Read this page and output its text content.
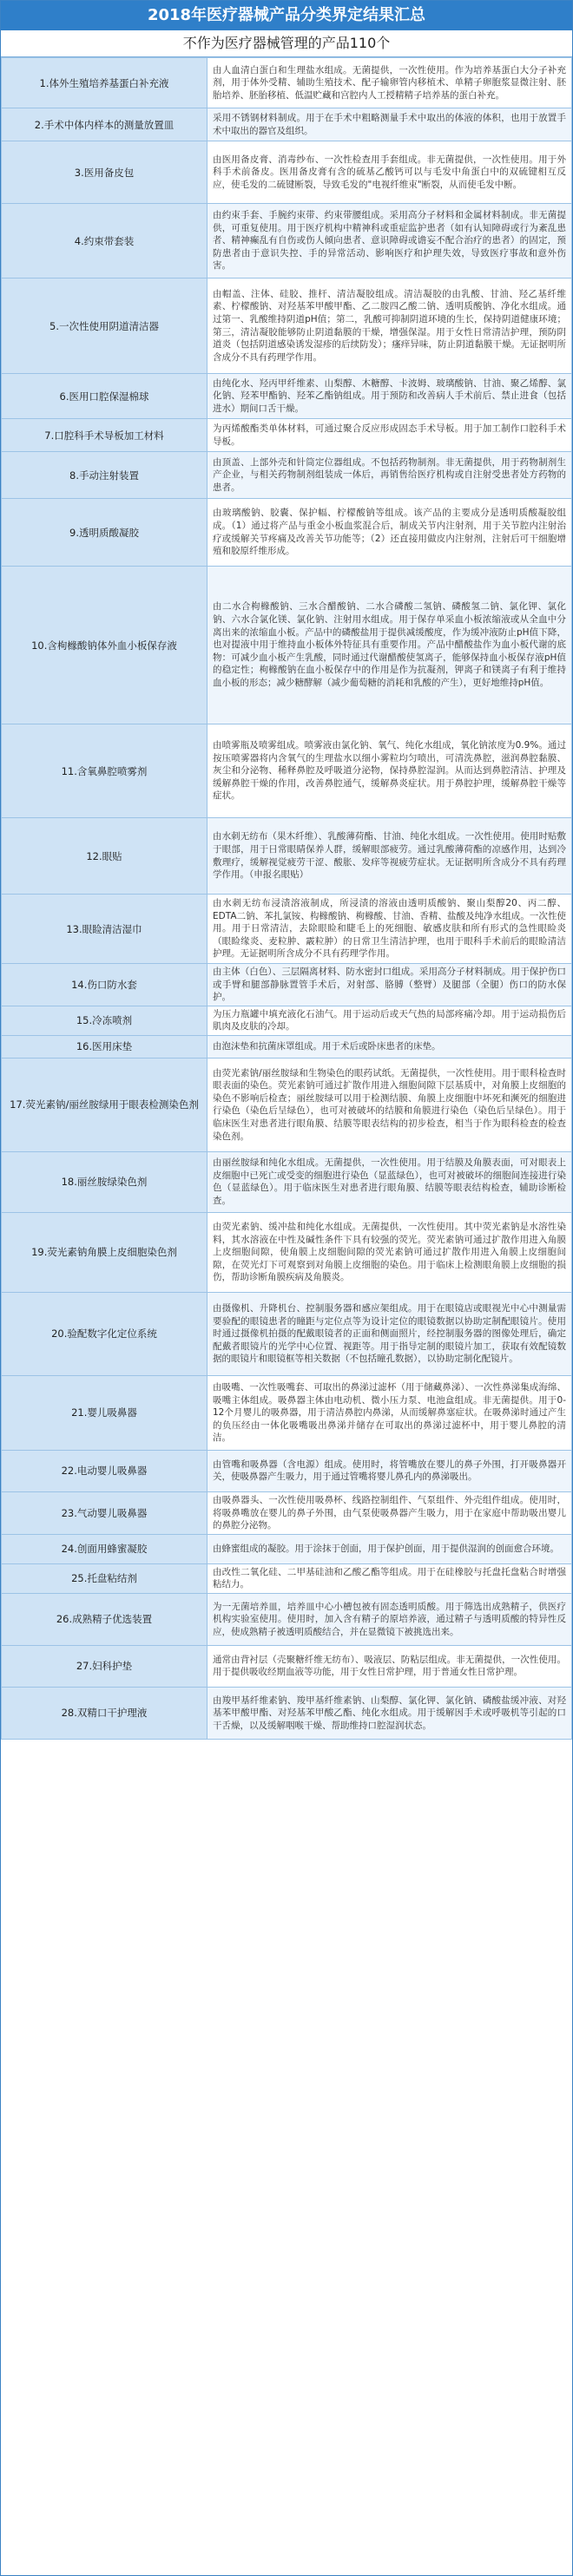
2018年医疗器械产品分类界定结果汇总
不作为医疗器械管理的产品110个
1.体外生殖培养基蛋白补充液	由人血清白蛋白和生理盐水组成。无菌提供，一次性使用。作为培养基蛋白大分子补充剂，用于体外受精、辅助生殖技术、配子输卵管内移植术、单精子卵胞浆显微注射、胚胎培养、胚胎移植、低温贮藏和宫腔内人工授精精子培养基的蛋白补充。
2.手术中体内样本的测量放置皿	采用不锈钢材料制成。用于在手术中粗略测量手术中取出的体液的体积，也用于放置手术中取出的器官及组织。
3.医用备皮包	由医用备皮膏、消毒纱布、一次性检查用手套组成。非无菌提供，一次性使用。用于外科手术前备皮。医用备皮膏有含的硫基乙酸钙可以与毛发中角蛋白中的双硫键相互反应，使毛发的二硫键断裂，导致毛发的"电视纤维束"断裂，从而使毛发中断。
4.约束带套装	由约束手套、手腕约束带、约束带腰组成。采用高分子材料和金属材料制成。非无菌提供，可重复使用。用于医疗机构中精神科或重症监护患者（如有认知障碍或行为紊乱患者、精神癫乱有自伤或伤人倾向患者、意识障碍或谵妄不配合治疗的患者）的固定，预防患者由于意识失控、手的异常活动、影响医疗和护理失效，导致医疗事故和意外伤害。
5.一次性使用阴道清洁器	由帽盖、注体、硅胶、推杆、清洁凝胶组成。清洁凝胶的由乳酸、甘油、羟乙基纤维素、柠檬酸钠、对羟基苯甲酸甲酯、乙二胺四乙酸二钠、透明质酸钠、净化水组成。通过第一、乳酸维持阴道pH值；第二，乳酸可抑制阴道环境的生长，保持阴道健康环境；第三，清洁凝胶能够防止阴道黏膜的干燥，增强保湿。用于女性日常清洁护理，预防阴道炎（包括阴道感染诱发湿疹的后续防发）；瘙痒异味，防止阴道黏膜干燥。无证据明所含成分不具有药理学作用。
6.医用口腔保湿棉球	由纯化水、羟丙甲纤维素、山梨醇、木糖醇、卡波姆、玻璃酸钠、甘油、聚乙烯醇、氯化钠、羟苯甲酯钠、羟苯乙酯钠组成。用于预防和改善病人手术前后、禁止进食（包括进水）期间口舌干燥。
7.口腔科手术导板加工材料	为丙烯酸酯类单体材料，可通过聚合反应形成固态手术导板。用于加工制作口腔科手术导板。
8.手动注射装置	由顶盖、上部外壳和针筒定位器组成。不包括药物制剂。非无菌提供，用于药物制剂生产企业，与相关药物制剂组装成一体后，再销售给医疗机构或自注射受患者处方药物的患者。
9.透明质酸凝胶	由玻璃酸钠、胶囊、保护幅、柠檬酸钠等组成。该产品的主要成分是透明质酸凝胶组成。（1）通过将产品与重金小板血浆混合后，制成关节内注射剂，用于关节腔内注射治疗或缓解关节疼痛及改善关节功能等；（2）还直接用做皮内注射剂，注射后可干细胞增殖和胶原纤维形成。
10.含枸橼酸钠体外血小板保存液	由二水合枸橼酸钠、三水合醋酸钠、二水合磷酸二氢钠、磷酸氢二钠、氯化钾、氯化钠、六水合氯化镁、氯化钠、注射用水组成。用于保存单采血小板浓缩液或从全血中分离出来的浓缩血小板。产品中的磷酸盐用于提供减缓酸度，作为缓冲液防止pH值下降，也对提液中用于维持血小板体外特征具有重要作用。产品中醋酸盐作为血小板代谢的底物：可减少血小板产生乳酸，同时通过代谢醋酸使氢离子，能够保持血小板保存液pH值的稳定性；枸橼酸钠在血小板保存中的作用是作为抗凝剂，钾离子和镁离子有利于维持血小板的形态；减少糖酵解（减少葡萄糖的消耗和乳酸的产生），更好地维持pH值。
11.含氧鼻腔喷雾剂	由喷雾瓶及喷雾组成。喷雾液由氯化钠、氧气、纯化水组成，氧化钠浓度为0.9%。通过按压喷雾器将内含氧气的生理盐水以细小雾粒均匀喷出，可清洗鼻腔，滋润鼻腔黏膜、灰尘和分泌物、稀释鼻腔及呼吸道分泌物，保持鼻腔湿润。从而达到鼻腔清洁、护理及缓解鼻腔干燥的作用，改善鼻腔通气，缓解鼻炎症状。用于鼻腔护理，缓解鼻腔干燥等症状。
12.眼贴	由水刺无纺布（果木纤维）、乳酸薄荷酯、甘油、纯化水组成。一次性使用。使用时贴敷于眼部，用于日常眼睛保养人群，缓解眼部疲劳。通过乳酸薄荷酯的凉感作用，达到冷敷理疗，缓解视觉疲劳干涩、酸胀、发痒等视疲劳症状。无证据明所含成分不具有药理学作用。（申报名眼贴）
13.眼睑清洁湿巾	由水刺无纺布浸渍溶液制成，所浸渍的溶液由透明质酸钠、聚山梨醇20、丙二醇、EDTA二钠、苯扎氯铵、构橼酸钠、枸橼酸、甘油、香精、盐酸及纯净水组成。一次性使用。用于日常清洁，去除眼睑和睫毛上的死细胞、敏感皮肤和所有形式的急性眼睑炎（眼睑缘炎、麦粒肿、霰粒肿）的日常卫生清洁护理，也用于眼科手术前后的眼睑清洁护理。无证据明所含成分不具有药理学作用。
14.伤口防水套	由主体（白色）、三层隔离材料、防水密封口组成。采用高分子材料制成。用于保护伤口或手臂和腿部静脉置管手术后，对射部、胳膊（整臂）及腿部（全腿）伤口的防水保护。
15.冷冻喷剂	为压力瓶罐中填充液化石油气。用于运动后或天气热的局部疼痛冷却。用于运动损伤后肌肉及皮肤的冷却。
16.医用床垫	由泡沫垫和抗菌床罩组成。用于术后或卧床患者的床垫。
17.荧光素钠/丽丝胺绿用于眼表检测染色剂	由荧光素钠/丽丝胺绿和生物染色的眼药试纸。无菌提供，一次性使用。用于眼科检查时眼表面的染色。荧光素钠可通过扩散作用进入细胞间隙下层基质中，对角膜上皮细胞的染色不影响后检查；丽丝胺绿可以用于检测结膜、角膜上皮细胞中坏死和濒死的细胞进行染色（染色后呈绿色），也可对被破坏的结膜和角膜进行染色（染色后呈绿色）。用于临床医生对患者进行眼角膜、结膜等眼表结构的初步检查，相当于作为眼科检查的检查染色剂。
18.丽丝胺绿染色剂	由丽丝胺绿和纯化水组成。无菌提供，一次性使用。用于结膜及角膜表面，可对眼表上皮细胞中已死亡或受变的细胞进行染色（显蓝绿色），也可对被破坏的细胞间连接进行染色（显蓝绿色）。用于临床医生对患者进行眼角膜、结膜等眼表结构检查，辅助诊断检查。
19.荧光素钠角膜上皮细胞染色剂	由荧光素钠、缓冲盐和纯化水组成。无菌提供，一次性使用。其中荧光素钠是水溶性染料，其水溶液在中性及碱性条件下具有较强的荧光。荧光素钠可通过扩散作用进入角膜上皮细胞间隙，使角膜上皮细胞间隙的荧光素钠可通过扩散作用进入角膜上皮细胞间隙，在荧光灯下可观察到对角膜上皮细胞的染色。用于临床上检测眼角膜上皮细胞的损伤，帮助诊断角膜疾病及角膜炎。
20.验配数字化定位系统	由摄像机、升降机台、控制服务器和感应架组成。用于在眼镜店或眼视光中心中测量需要验配的眼镜患者的瞳距与定位点等为设计定位的眼镜数据以协助定制配眼镜片。使用时通过摄像机拍摄的配戴眼镜者的正面和侧面照片，经控制服务器的图像处理后，确定配戴者眼镜片的光学中心位置、视距等。用于指导定制的眼镜片加工，获取有效配镜数据的眼镜片和眼镜框等相关数据（不包括瞳孔数据），以协助定制化配镜片。
21.婴儿吸鼻器	由吸嘴、一次性吸嘴套、可取出的鼻涕过滤杯（用于储藏鼻涕）、一次性鼻涕集成海绵、吸嘴主体组成。吸鼻器主体由电动机、微小压力泵、电池盒组成。非无菌提供。用于0-12个月婴儿的吸鼻器，用于清洁鼻腔内鼻涕，从而缓解鼻塞症状。在吸鼻涕时通过产生的负压经由一体化吸嘴吸出鼻涕并储存在可取出的鼻涕过滤杯中，用于婴儿鼻腔的清洁。
22.电动婴儿吸鼻器	由管嘴和吸鼻器（含电源）组成。使用时，将管嘴放在婴儿的鼻子外围，打开吸鼻器开关，使吸鼻器产生吸力，用于通过管嘴将婴儿鼻孔内的鼻涕吸出。
23.气动婴儿吸鼻器	由吸鼻器头、一次性使用吸鼻杯、线路控制组件、气泵组件、外壳组件组成。使用时，将吸鼻嘴放在婴儿的鼻子外围，由气泵使吸鼻器产生吸力，用于在家庭中帮助吸出婴儿的鼻腔分泌物。
24.创面用蜂蜜凝胶	由蜂蜜组成的凝胶。用于涂抹于创面，用于保护创面，用于提供湿润的创面愈合环境。
25.托盘粘结剂	由改性二氧化硅、二甲基硅油和乙酸乙酯等组成。用于在硅橡胶与托盘托盘粘合时增强粘结力。
26.成熟精子优选装置	为一无菌培养皿，培养皿中心小槽包被有固态透明质酸。用于筛选出成熟精子，供医疗机构实验室使用。使用时，加入含有精子的原培养液，通过精子与透明质酸的特异性反应，使成熟精子被透明质酸结合，并在显微镜下被挑选出来。
27.妇科护垫	通常由背衬层（壳聚糖纤维无纺布）、吸液层、防粘层组成。非无菌提供，一次性使用。用于提供吸收经期血液等功能，用于女性日常护理，用于普通女性日常护理。
28.双精口干护理液	由羧甲基纤维素钠、羧甲基纤维素钠、山梨醇、氯化钾、氯化钠、磷酸盐缓冲液、对羟基苯甲酸甲酯、对羟基苯甲酸乙酯、纯化水组成。用于缓解因手术或呼吸机等引起的口干舌燥，以及缓解咽喉干燥、帮助维持口腔湿润状态。
